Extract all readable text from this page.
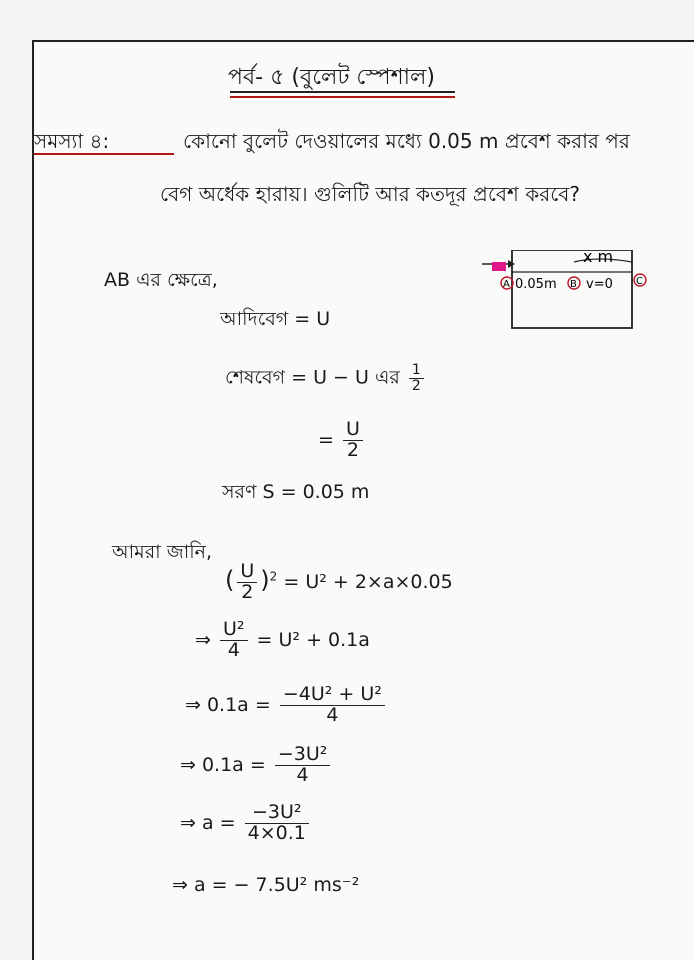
পর্ব- ৫ (বুলেট স্পেশাল)
সমস্যা ৪:	কোনো বুলেট দেওয়ালের মধ্যে 0.05 m প্রবেশ করার পর
বেগ অর্ধেক হারায়। গুলিটি আর কতদূর প্রবেশ করবে?
x m
A 0.05m B v=0 C
AB এর ক্ষেত্রে,
আদিবেগ = U
শেষবেগ = U − U এর $\frac{1}{2}$
= $\frac{U}{2}$
সরণ S = 0.05 m
আমরা জানি,
( $\frac{U}{2} )^2 = U^2 + 2\times a\times 0.05$
⇒ $\frac{\text{U²}}{4} = U^2 + 0.1a$
⇒ $0.1a = \frac{\text{−4U² + U²}}{4}$
⇒ $0.1a = \frac{\text{−3U²}}{4}$
⇒ $a = \frac{\text{−3U²}}{4\times 0.1}$
⇒ a = − 7.5U² ms⁻²
